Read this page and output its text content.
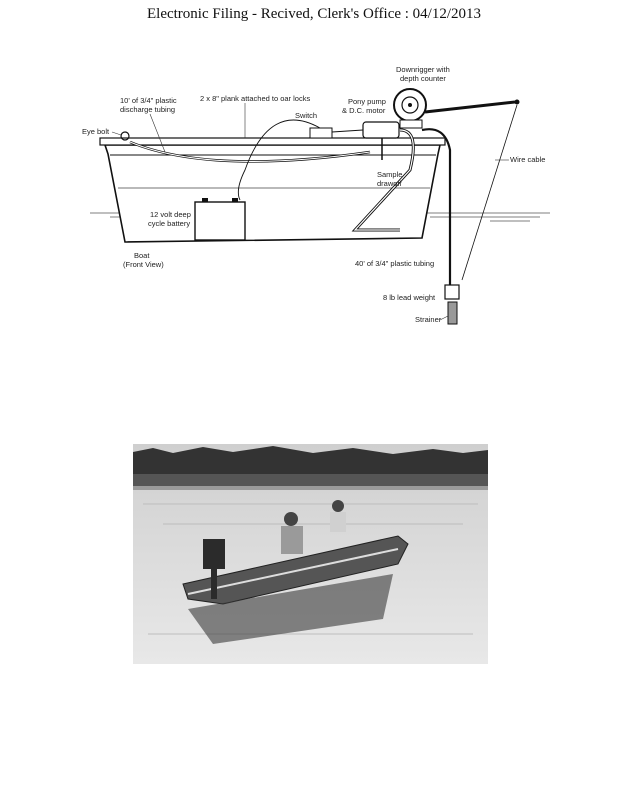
Electronic Filing - Recived, Clerk's Office : 04/12/2013
Eye bolt
10' of 3/4" plastic
discharge tubing
2 x 8" plank attached to oar locks
Switch
Pony pump
& D.C. motor
Downrigger with
depth counter
Wire cable
Sample
drawoff
12 volt deep
cycle battery
Boat
(Front View)	40' of 3/4" plastic tubing
8 lb lead weight
Strainer
